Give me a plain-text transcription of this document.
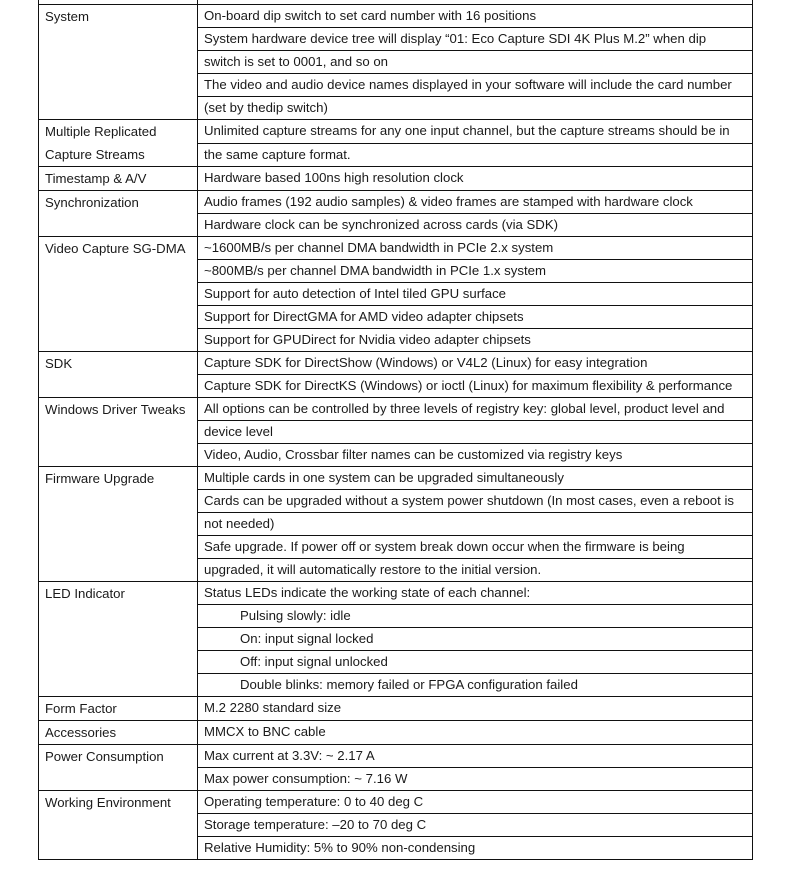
System	On-board dip switch to set card number with 16 positions
	System hardware device tree will display “01: Eco Capture SDI 4K Plus M.2” when dip
	switch is set to 0001, and so on
	The video and audio device names displayed in your software will include the card number
	(set by thedip switch)

Multiple Replicated
Capture Streams	Unlimited capture streams for any one input channel, but the capture streams should be in
	the same capture format.

Timestamp & A/V	Hardware based 100ns high resolution clock

Synchronization	Audio frames (192 audio samples) & video frames are stamped with hardware clock
	Hardware clock can be synchronized across cards (via SDK)

Video Capture SG-DMA	~1600MB/s per channel DMA bandwidth in PCIe 2.x system
	~800MB/s per channel DMA bandwidth in PCIe 1.x system
	Support for auto detection of Intel tiled GPU surface
	Support for DirectGMA for AMD video adapter chipsets
	Support for GPUDirect for Nvidia video adapter chipsets

SDK	Capture SDK for DirectShow (Windows) or V4L2 (Linux) for easy integration
	Capture SDK for DirectKS (Windows) or ioctl (Linux) for maximum flexibility & performance

Windows Driver Tweaks	All options can be controlled by three levels of registry key: global level, product level and
	device level
	Video, Audio, Crossbar filter names can be customized via registry keys

Firmware Upgrade	Multiple cards in one system can be upgraded simultaneously
	Cards can be upgraded without a system power shutdown (In most cases, even a reboot is
	not needed)
	Safe upgrade. If power off or system break down occur when the firmware is being
	upgraded, it will automatically restore to the initial version.

LED Indicator	Status LEDs indicate the working state of each channel:
	Pulsing slowly: idle
	On: input signal locked
	Off: input signal unlocked
	Double blinks: memory failed or FPGA configuration failed

Form Factor	M.2 2280 standard size

Accessories	MMCX to BNC cable

Power Consumption	Max current at 3.3V: ~ 2.17 A
	Max power consumption: ~ 7.16 W

Working Environment	Operating temperature: 0 to 40 deg C
	Storage temperature: –20 to 70 deg C
	Relative Humidity: 5% to 90% non-condensing
